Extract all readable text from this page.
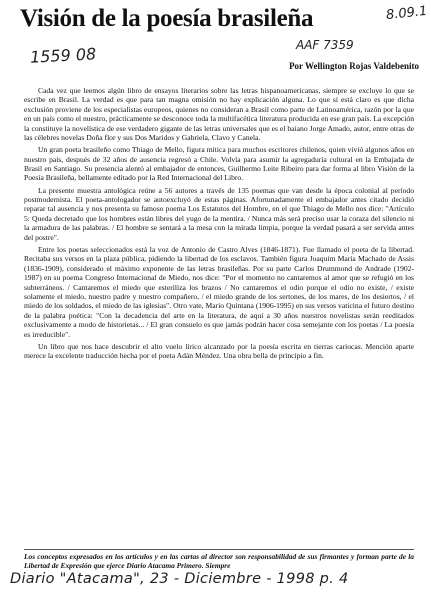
Visión de la poesía brasileña	8.09.1
AAF 7359
1559 08	Por Wellington Rojas Valdebenito

Cada vez que leemos algún libro de ensayos literarios sobre las letras hispanoamericanas, siempre se excluye lo que se escribe en Brasil. La verdad es que para tan magna omisión no hay explicación alguna. Lo que sí está claro es que dicha exclusión proviene de los especialistas europeos, quienes no consideran a Brasil como parte de Latinoamérica, razón por la que en un país como el nuestro, prácticamente se desconoce toda la multifacética literatura producida en ese gran país. La excepción la constituye la novelística de ese verdadero gigante de las letras universales que es el baiano Jorge Amado, autor, entre otras de las célebres novelas Doña flor y sus Dos Maridos y Gabriela, Clavo y Canela.

Un gran poeta brasileño como Thiago de Mello, figura mítica para muchos escritores chilenos, quien vivió algunos años en nuestro país, después de 32 años de ausencia regresó a Chile. Volvía para asumir la agregaduría cultural en la Embajada de Brasil en Santiago. Su presencia alentó al embajador de entonces, Guilhermo Leite Ribeiro para dar forma al libro Visión de la Poesía Brasileña, bellamente editado por la Red Internacional del Libro.

La presente muestra antológica reúne a 56 autores a través de 135 poemas que van desde la época colonial al período postmodernista. El poeta-antologador se autoexcluyó de estas páginas. Afortunadamente el embajador antes citado decidió reparar tal ausencia y nos presenta su famoso poema Los Estatutos del Hombre, en el que Thiago de Mello nos dice: "Artículo 5: Queda decretado que los hombres están libres del yugo de la mentira. / Nunca más será preciso usar la coraza del silencio ni la armadura de las palabras. / El hombre se sentará a la mesa con la mirada limpia, porque la verdad pasará a ser servida antes del postre".

Entre los poetas seleccionados está la voz de Antonio de Castro Alves (1846-1871). Fue llamado el poeta de la libertad. Recitaba sus versos en la plaza pública, pidiendo la libertad de los esclavos. También figura Joaquim María Machado de Assis (1836-1909), considerado el máximo exponente de las letras brasileñas. Por su parte Carlos Drummond de Andrade (1902-1987) en su poema Congreso Internacional de Miedo, nos dice: "Por el momento no cantaremos al amor que se refugió en los subterráneos. / Cantaremos el miedo que esteriliza los brazos / No cantaremos el odio porque el odio no existe, / existe solamente el miedo, nuestro padre y nuestro compañero, / el miedo grande de los sertones, de los mares, de los desiertos, / el miedo de los soldados, el miedo de las iglesias". Otro vate, Mario Quintana (1906-1995) en sus versos vaticina el futuro destino de la palabra poética: "Con la decadencia del arte en la literatura, de aquí a 30 años nuestros novelistas serán reeditados exclusivamente a modo de historietas... / El gran consuelo es que jamás podrán hacer cosa semejante con los poetas / La poesía es irreducible".

Un libro que nos hace descubrir el alto vuelo lírico alcanzado por la poesía escrita en tierras cariocas. Mención aparte merece la excelente traducción hecha por el poeta Adán Méndez. Una obra bella de principio a fin.

Los conceptos expresados en los artículos y en las cartas al director son responsabilidad de sus firmantes y forman parte de la Libertad de Expresión que ejerce Diario Atacama Primero. Siempre
Diario "Atacama", 23 - Diciembre - 1998 p. 4
